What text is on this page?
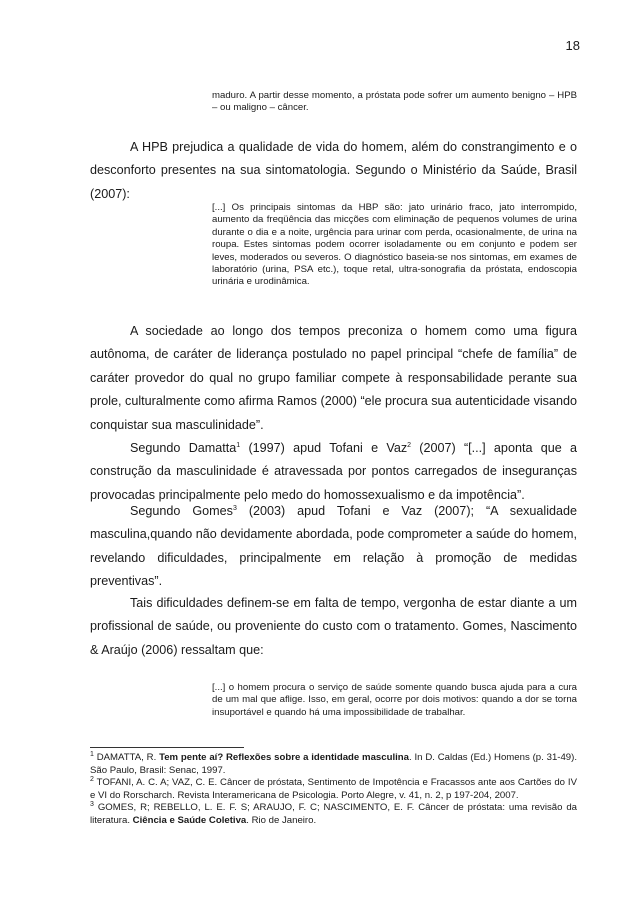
18
maduro. A partir desse momento, a próstata pode sofrer um aumento benigno – HPB – ou maligno – câncer.
A HPB prejudica a qualidade de vida do homem, além do constrangimento e o desconforto presentes na sua sintomatologia. Segundo o Ministério da Saúde, Brasil (2007):
[...] Os principais sintomas da HBP são: jato urinário fraco, jato interrompido, aumento da freqüência das micções com eliminação de pequenos volumes de urina durante o dia e a noite, urgência para urinar com perda, ocasionalmente, de urina na roupa. Estes sintomas podem ocorrer isoladamente ou em conjunto e podem ser leves, moderados ou severos. O diagnóstico baseia-se nos sintomas, em exames de laboratório (urina, PSA etc.), toque retal, ultra-sonografia da próstata, endoscopia urinária e urodinâmica.
A sociedade ao longo dos tempos preconiza o homem como uma figura autônoma, de caráter de liderança postulado no papel principal “chefe de família” de caráter provedor do qual no grupo familiar compete à responsabilidade perante sua prole, culturalmente como afirma Ramos (2000) “ele procura sua autenticidade visando conquistar sua masculinidade”.
Segundo Damatta$^1$ (1997) apud Tofani e Vaz$^2$ (2007) “[...] aponta que a construção da masculinidade é atravessada por pontos carregados de inseguranças provocadas principalmente pelo medo do homossexualismo e da impotência”.
Segundo Gomes$^3$ (2003) apud Tofani e Vaz (2007); “A sexualidade masculina,quando não devidamente abordada, pode comprometer a saúde do homem, revelando dificuldades, principalmente em relação à promoção de medidas preventivas”.
Tais dificuldades definem-se em falta de tempo, vergonha de estar diante a um profissional de saúde, ou proveniente do custo com o tratamento. Gomes, Nascimento & Araújo (2006) ressaltam que:
[...] o homem procura o serviço de saúde somente quando busca ajuda para a cura de um mal que aflige. Isso, em geral, ocorre por dois motivos: quando a dor se torna insuportável e quando há uma impossibilidade de trabalhar.

$^1$ DAMATTA, R. Tem pente aí? Reflexões sobre a identidade masculina. In D. Caldas (Ed.) Homens (p. 31-49). São Paulo, Brasil: Senac, 1997.

$^2$ TOFANI, A. C. A; VAZ, C. E. Câncer de próstata, Sentimento de Impotência e Fracassos ante aos Cartões do IV e VI do Rorscharch. Revista Interamericana de Psicologia. Porto Alegre, v. 41, n. 2, p 197-204, 2007.

$^3$ GOMES, R; REBELLO, L. E. F. S; ARAUJO, F. C; NASCIMENTO, E. F. Câncer de próstata: uma revisão da literatura. Ciência e Saúde Coletiva. Rio de Janeiro.
